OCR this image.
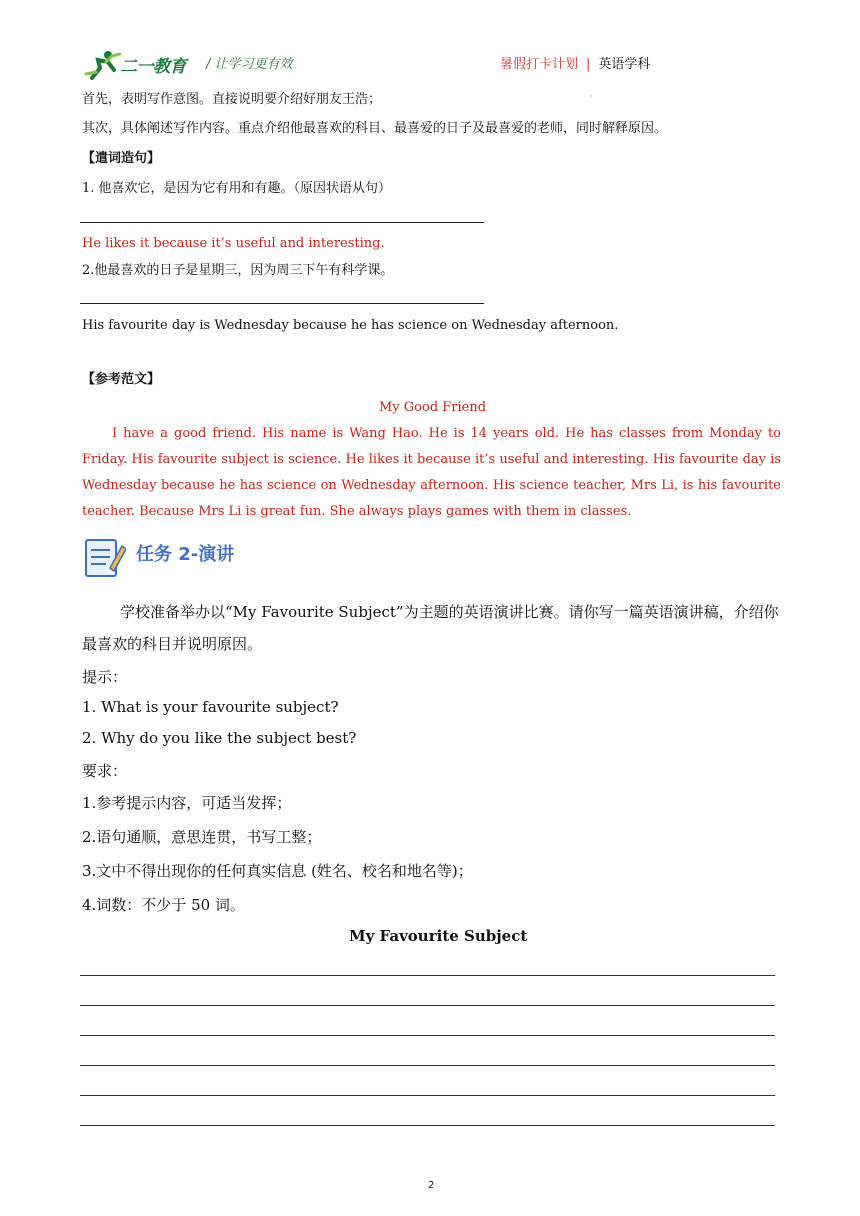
二一教育 / 让学习更有效	暑假打卡计划 | 英语学科
·
首先，表明写作意图。直接说明要介绍好朋友王浩；
其次，具体阐述写作内容。重点介绍他最喜欢的科目、最喜爱的日子及最喜爱的老师，同时解释原因。
【遣词造句】
1. 他喜欢它，是因为它有用和有趣。（原因状语从句）
He likes it because it’s useful and interesting.
2.他最喜欢的日子是星期三，因为周三下午有科学课。
His favourite day is Wednesday because he has science on Wednesday afternoon.
【参考范文】
My Good Friend
I have a good friend. His name is Wang Hao. He is 14 years old. He has classes from Monday to Friday. His favourite subject is science. He likes it because it’s useful and interesting. His favourite day is Wednesday because he has science on Wednesday afternoon. His science teacher, Mrs Li, is his favourite teacher. Because Mrs Li is great fun. She always plays games with them in classes.
任务 2-演讲
学校准备举办以“My Favourite Subject”为主题的英语演讲比赛。请你写一篇英语演讲稿，介绍你最喜欢的科目并说明原因。
提示：
1. What is your favourite subject?
2. Why do you like the subject best?
要求：
1.参考提示内容，可适当发挥；
2.语句通顺，意思连贯，书写工整；
3.文中不得出现你的任何真实信息 (姓名、校名和地名等)；
4.词数：不少于 50 词。
My Favourite Subject
2
